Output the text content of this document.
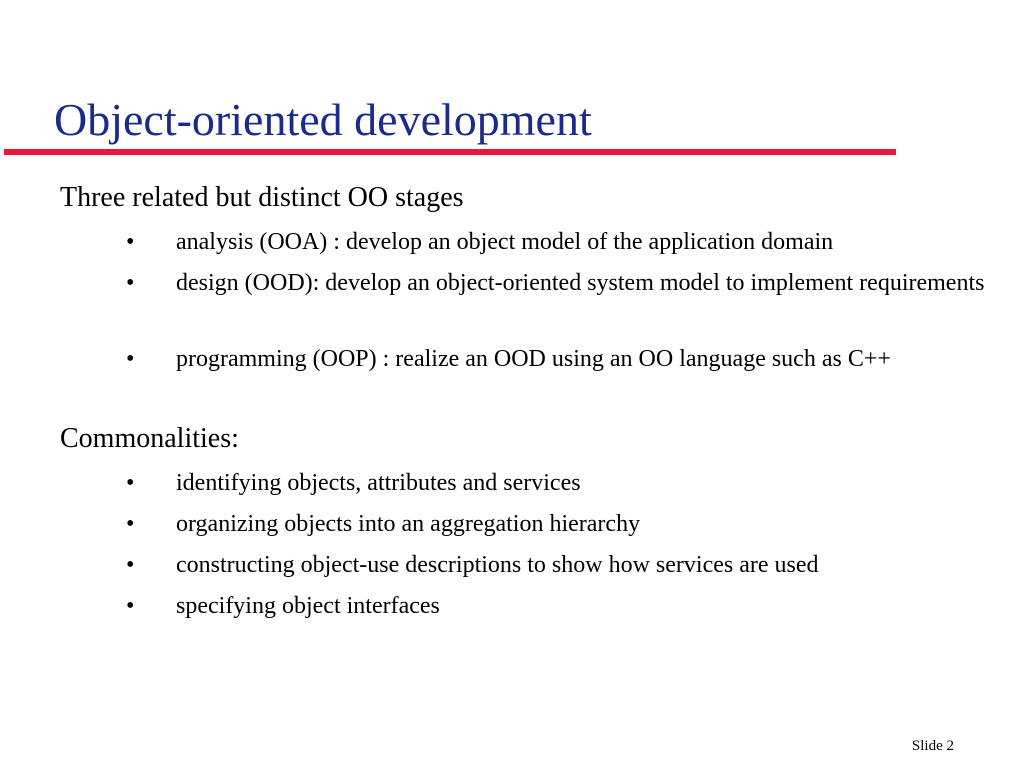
Object-oriented development
Three related but distinct OO stages
•	analysis (OOA) : develop an object model of the application domain
•	design (OOD): develop an object-oriented system model to implement requirements
•	programming (OOP) : realize an OOD using an OO language such as C++
Commonalities:
•	identifying objects, attributes and services
•	organizing objects into an aggregation hierarchy
•	constructing object-use descriptions to show how services are used
•	specifying object interfaces
Slide 2
